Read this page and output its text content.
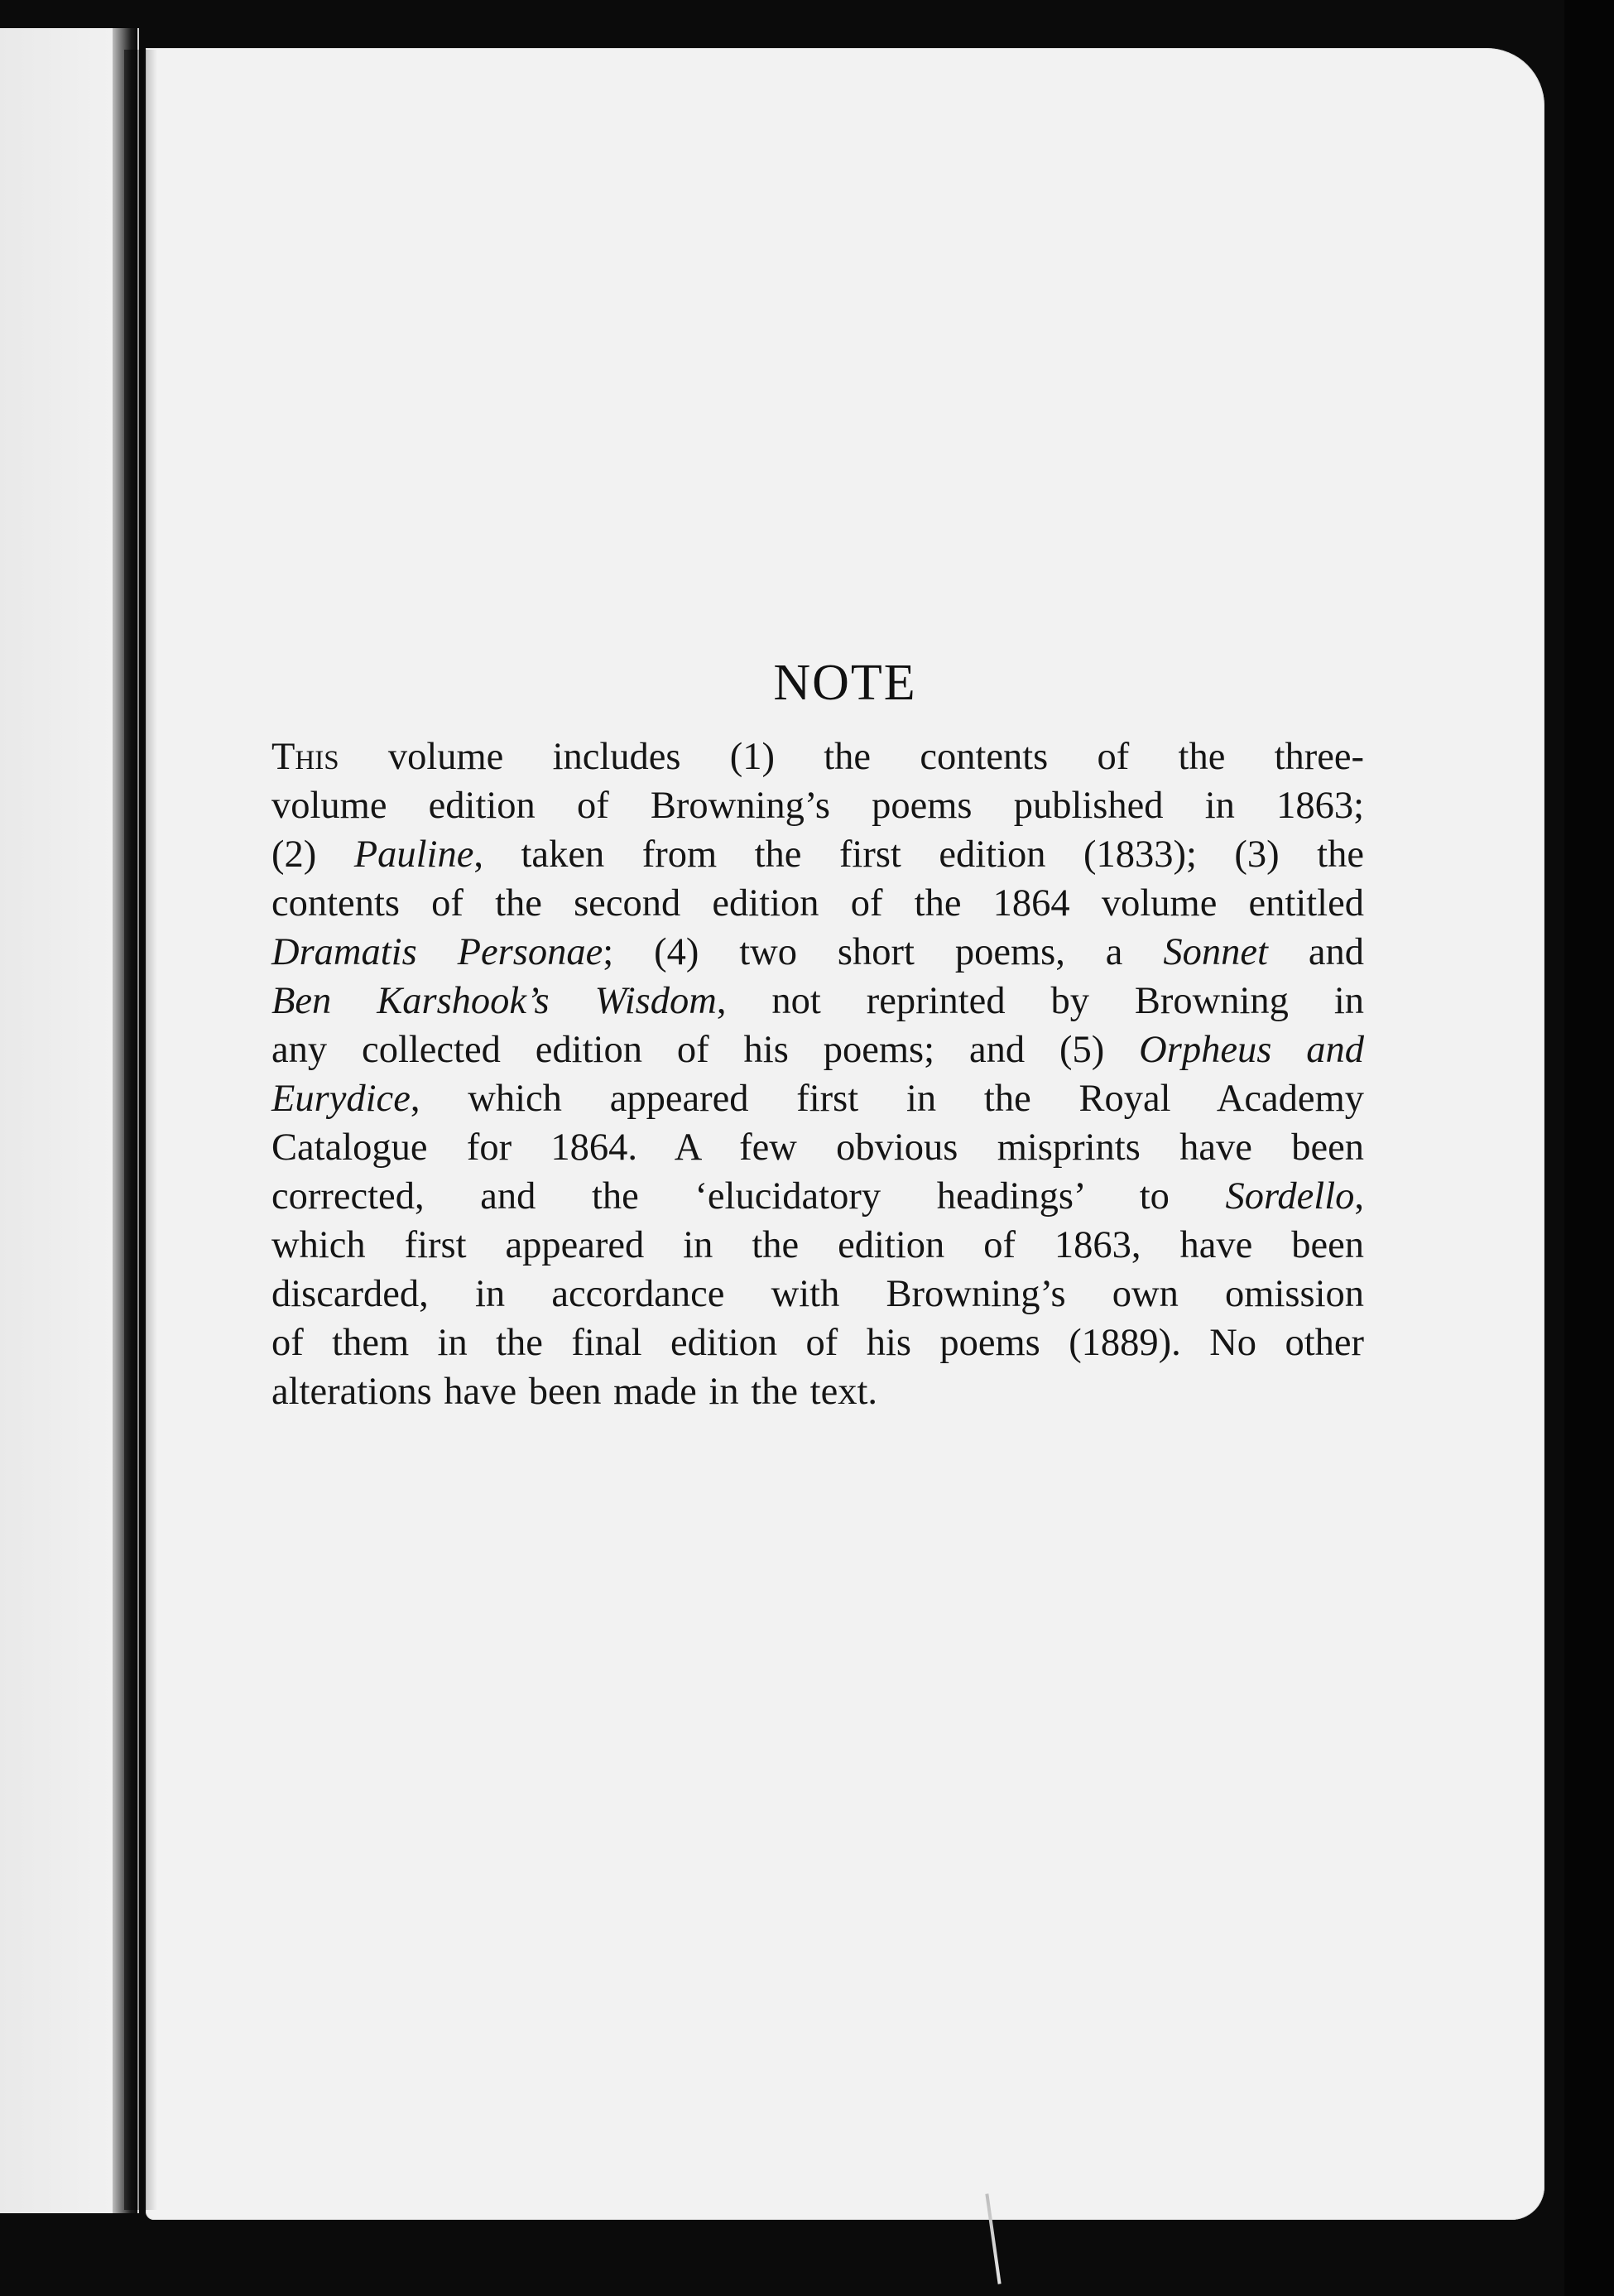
NOTE
This volume includes (1) the contents of the three-
volume edition of Browning’s poems published in 1863;
(2) Pauline, taken from the first edition (1833); (3) the
contents of the second edition of the 1864 volume entitled
Dramatis Personae; (4) two short poems, a Sonnet and
Ben Karshook’s Wisdom, not reprinted by Browning in
any collected edition of his poems; and (5) Orpheus and
Eurydice, which appeared first in the Royal Academy
Catalogue for 1864. A few obvious misprints have been
corrected, and the ‘elucidatory headings’ to Sordello,
which first appeared in the edition of 1863, have been
discarded, in accordance with Browning’s own omission
of them in the final edition of his poems (1889). No other
alterations have been made in the text.
